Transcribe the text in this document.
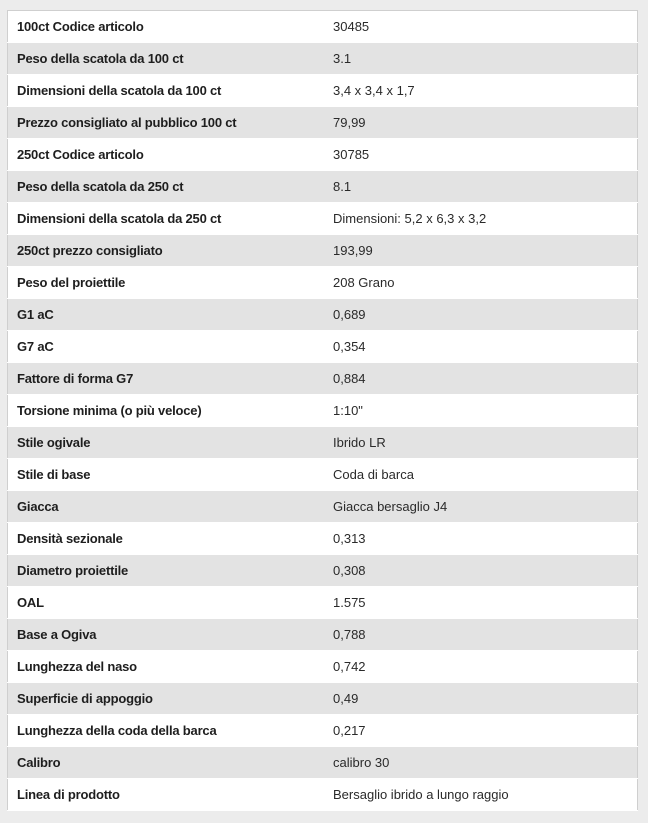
100ct Codice articolo	30485
Peso della scatola da 100 ct	3.1
Dimensioni della scatola da 100 ct	3,4 x 3,4 x 1,7
Prezzo consigliato al pubblico 100 ct	79,99
250ct Codice articolo	30785
Peso della scatola da 250 ct	8.1
Dimensioni della scatola da 250 ct	Dimensioni: 5,2 x 6,3 x 3,2
250ct prezzo consigliato	193,99
Peso del proiettile	208 Grano
G1 aC	0,689
G7 aC	0,354
Fattore di forma G7	0,884
Torsione minima (o più veloce)	1:10"
Stile ogivale	Ibrido LR
Stile di base	Coda di barca
Giacca	Giacca bersaglio J4
Densità sezionale	0,313
Diametro proiettile	0,308
OAL	1.575
Base a Ogiva	0,788
Lunghezza del naso	0,742
Superficie di appoggio	0,49
Lunghezza della coda della barca	0,217
Calibro	calibro 30
Linea di prodotto	Bersaglio ibrido a lungo raggio
